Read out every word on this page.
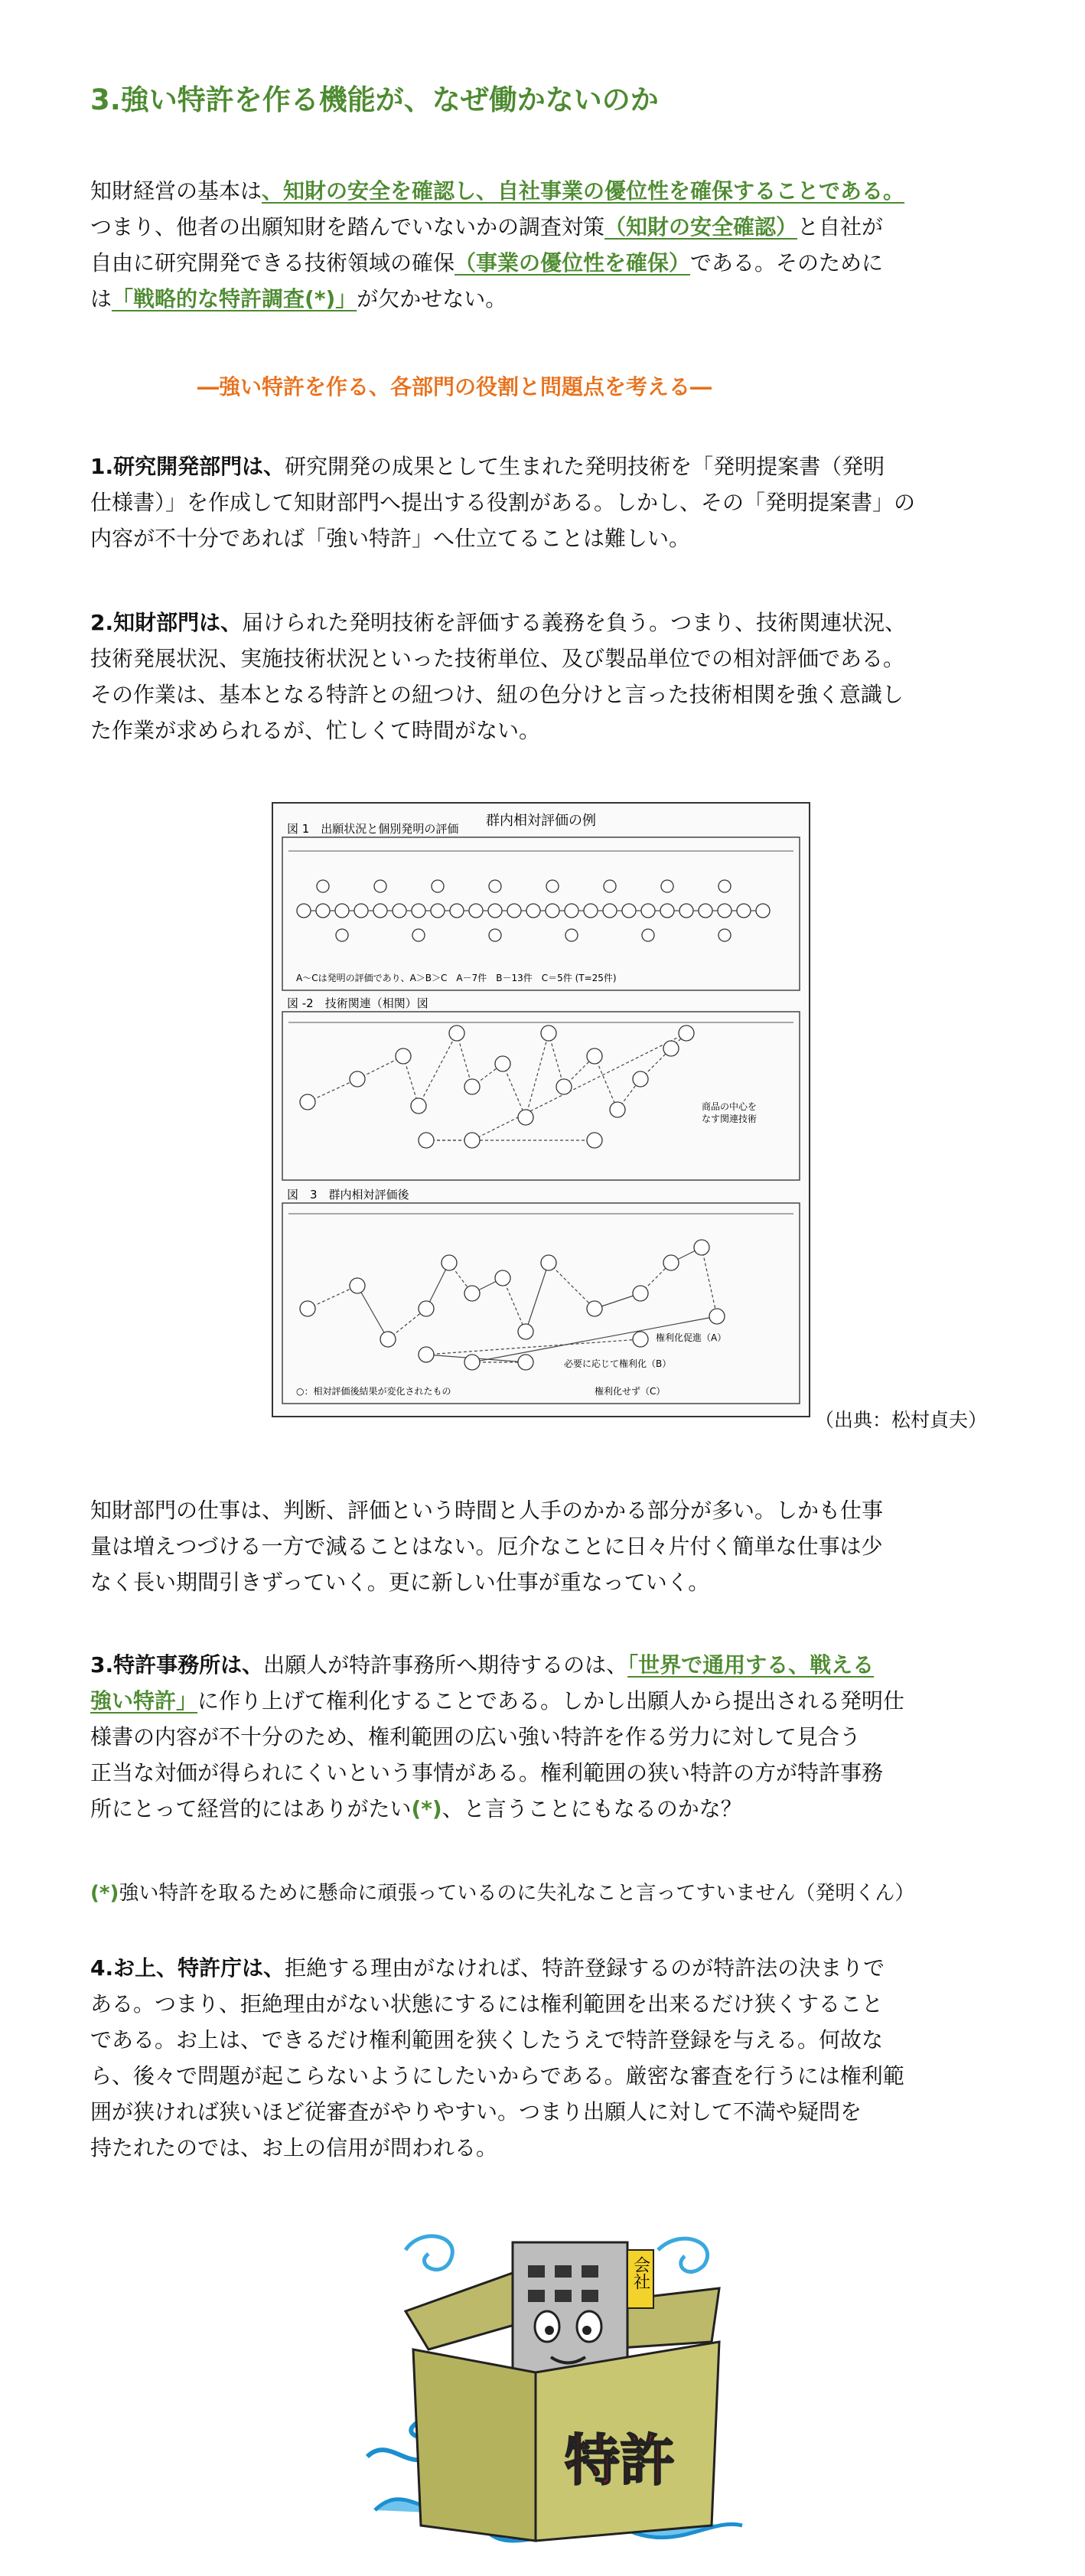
3.強い特許を作る機能が、なぜ働かないのか
知財経営の基本は、知財の安全を確認し、自社事業の優位性を確保することである。
つまり、他者の出願知財を踏んでいないかの調査対策（知財の安全確認）と自社が
自由に研究開発できる技術領域の確保（事業の優位性を確保）である。そのために
は「戦略的な特許調査(*)」が欠かせない。
―強い特許を作る、各部門の役割と問題点を考える―
1.研究開発部門は、研究開発の成果として生まれた発明技術を「発明提案書（発明
仕様書）」を作成して知財部門へ提出する役割がある。しかし、その「発明提案書」の
内容が不十分であれば「強い特許」へ仕立てることは難しい。
2.知財部門は、届けられた発明技術を評価する義務を負う。つまり、技術関連状況、
技術発展状況、実施技術状況といった技術単位、及び製品単位での相対評価である。
その作業は、基本となる特許との紐つけ、紐の色分けと言った技術相関を強く意識し
た作業が求められるが、忙しくて時間がない。
群内相対評価の例
図 1　出願状況と個別発明の評価
A～Cは発明の評価であり、A＞B＞C　A－7件　B－13件　C＝5件 (T=25件)
図 -2　技術関連（相関）図
商品の中心を
なす関連技術
図　3　群内相対評価後
権利化促進（A）
必要に応じて権利化（B）
権利化せず（C）
○：相対評価後結果が変化されたもの
（出典：松村貞夫）
知財部門の仕事は、判断、評価という時間と人手のかかる部分が多い。しかも仕事
量は増えつづける一方で減ることはない。厄介なことに日々片付く簡単な仕事は少
なく長い期間引きずっていく。更に新しい仕事が重なっていく。
3.特許事務所は、出願人が特許事務所へ期待するのは、「世界で通用する、戦える
強い特許」に作り上げて権利化することである。しかし出願人から提出される発明仕
様書の内容が不十分のため、権利範囲の広い強い特許を作る労力に対して見合う
正当な対価が得られにくいという事情がある。権利範囲の狭い特許の方が特許事務
所にとって経営的にはありがたい(*)、と言うことにもなるのかな？
(*)強い特許を取るために懸命に頑張っているのに失礼なこと言ってすいません（発明くん）
4.お上、特許庁は、拒絶する理由がなければ、特許登録するのが特許法の決まりで
ある。つまり、拒絶理由がない状態にするには権利範囲を出来るだけ狭くすること
である。お上は、できるだけ権利範囲を狭くしたうえで特許登録を与える。何故な
ら、後々で問題が起こらないようにしたいからである。厳密な審査を行うには権利範
囲が狭ければ狭いほど従審査がやりやすい。つまり出願人に対して不満や疑問を
持たれたのでは、お上の信用が問われる。
会社
特許
